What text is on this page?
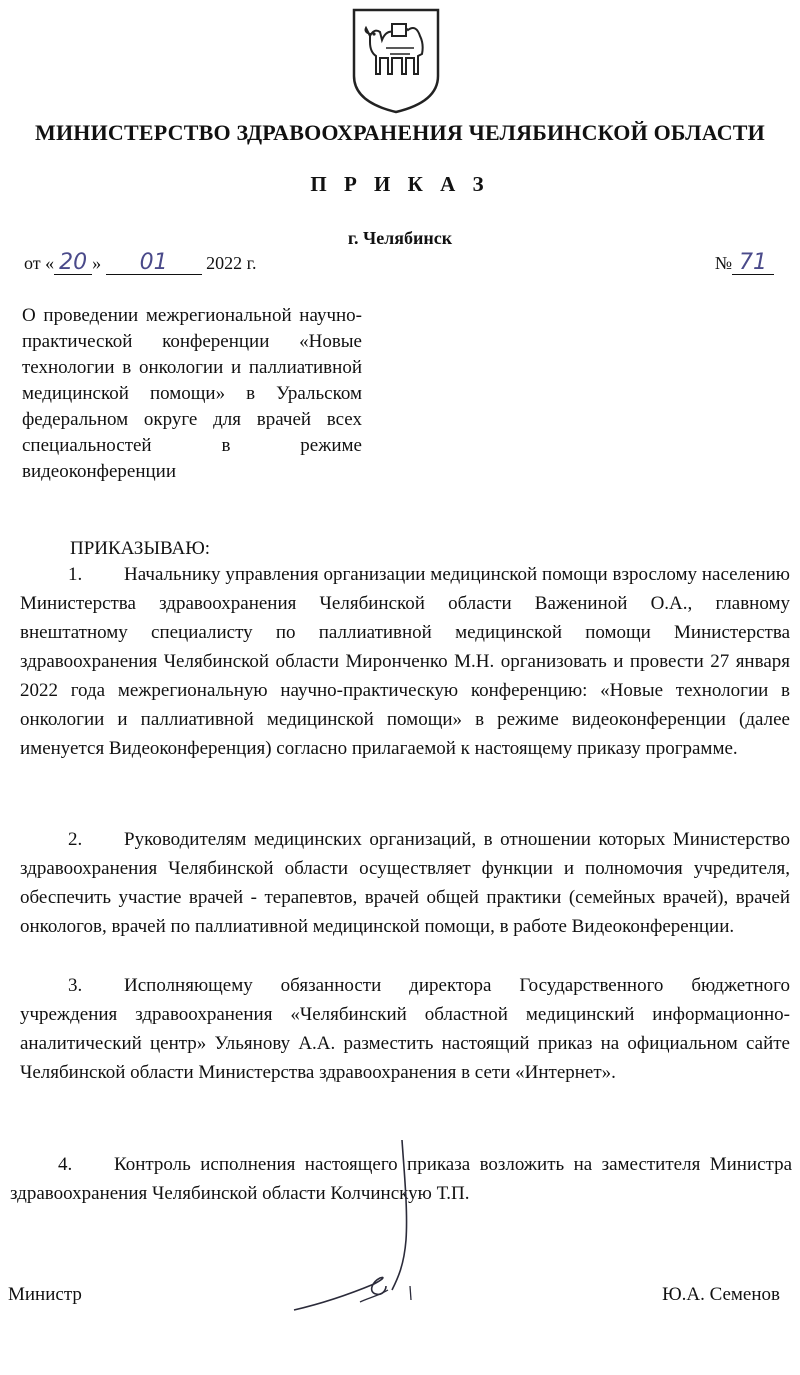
МИНИСТЕРСТВО ЗДРАВООХРАНЕНИЯ ЧЕЛЯБИНСКОЙ ОБЛАСТИ
П Р И К А З
г. Челябинск
от « 20 » 01 2022 г.	№ 71
О проведении межрегиональной научно-практической конференции «Новые технологии в онкологии и паллиативной медицинской помощи» в Уральском федеральном округе для врачей всех специальностей в режиме видеоконференции
ПРИКАЗЫВАЮ:

1. Начальнику управления организации медицинской помощи взрослому населению Министерства здравоохранения Челябинской области Важениной О.А., главному внештатному специалисту по паллиативной медицинской помощи Министерства здравоохранения Челябинской области Миронченко М.Н. организовать и провести 27 января 2022 года межрегиональную научно-практическую конференцию: «Новые технологии в онкологии и паллиативной медицинской помощи» в режиме видеоконференции (далее именуется Видеоконференция) согласно прилагаемой к настоящему приказу программе.

2. Руководителям медицинских организаций, в отношении которых Министерство здравоохранения Челябинской области осуществляет функции и полномочия учредителя, обеспечить участие врачей - терапевтов, врачей общей практики (семейных врачей), врачей онкологов, врачей по паллиативной медицинской помощи, в работе Видеоконференции.

3. Исполняющему обязанности директора Государственного бюджетного учреждения здравоохранения «Челябинский областной медицинский информационно-аналитический центр» Ульянову А.А. разместить настоящий приказ на официальном сайте Челябинской области Министерства здравоохранения в сети «Интернет».

4. Контроль исполнения настоящего приказа возложить на заместителя Министра здравоохранения Челябинской области Колчинскую Т.П.

Министр	Ю.А. Семенов
